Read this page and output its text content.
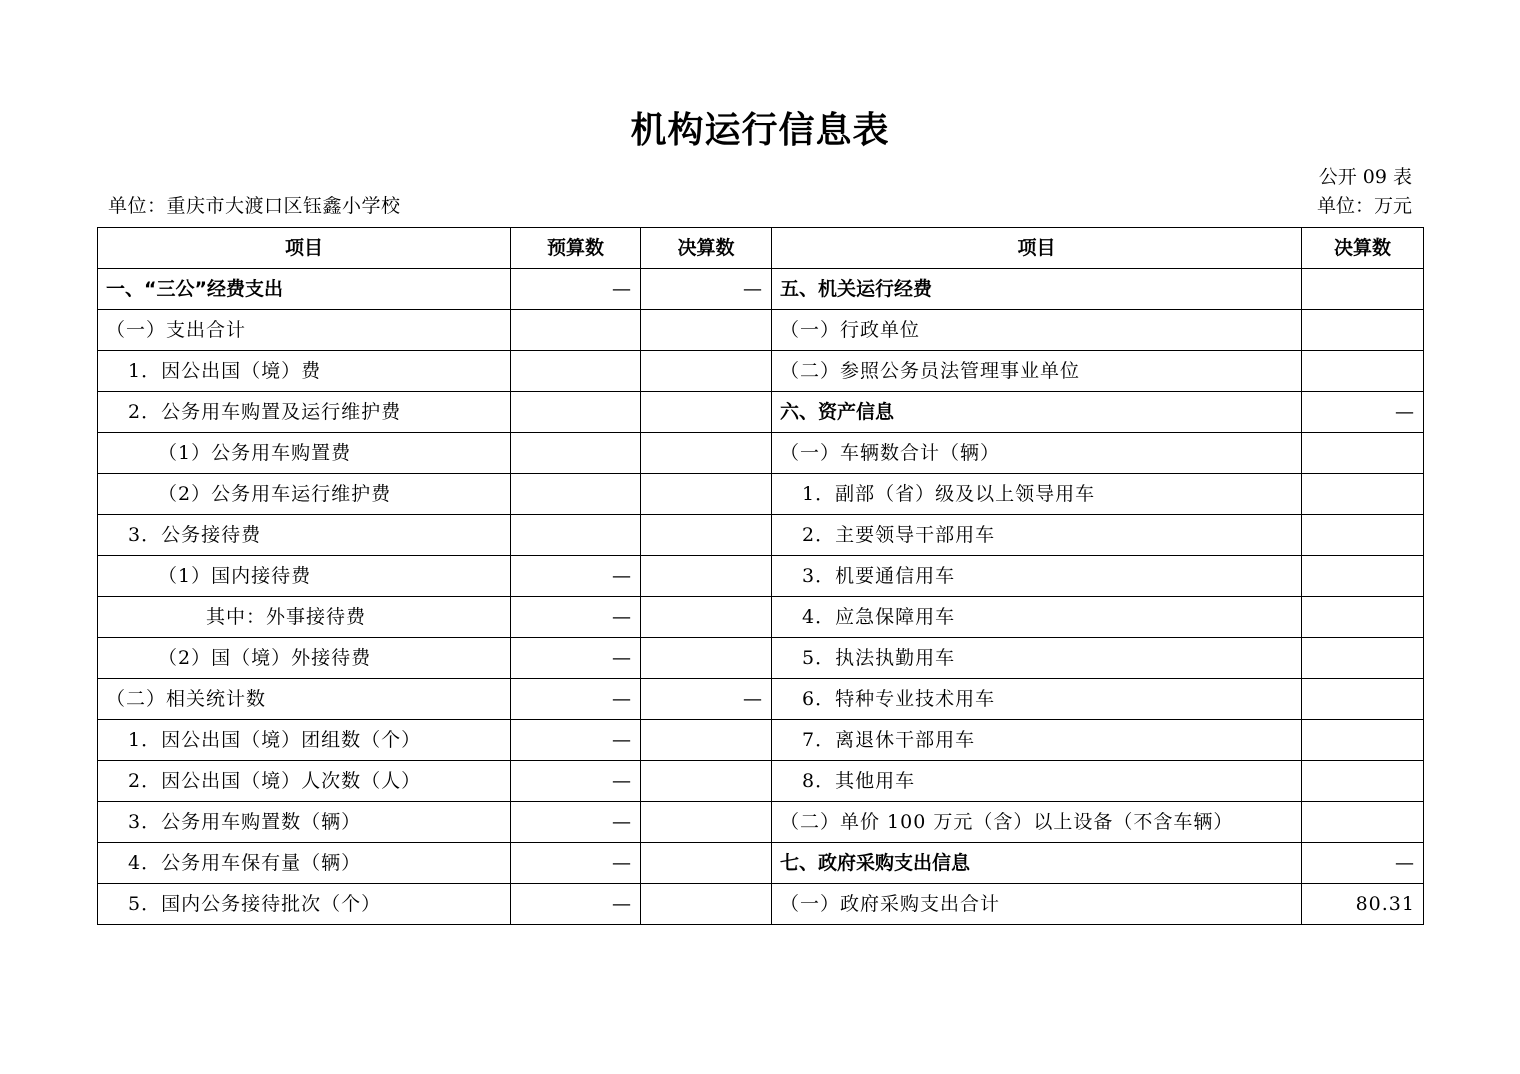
机构运行信息表
公开 09 表
单位：重庆市大渡口区钰鑫小学校	单位：万元
项目	预算数	决算数	项目	决算数
一、“三公”经费支出	—	—	五、机关运行经费	
（一）支出合计			（一）行政单位	
1．因公出国（境）费			（二）参照公务员法管理事业单位	
2．公务用车购置及运行维护费			六、资产信息	—
（1）公务用车购置费			（一）车辆数合计（辆）	
（2）公务用车运行维护费			1．副部（省）级及以上领导用车	
3．公务接待费			2．主要领导干部用车	
（1）国内接待费	—		3．机要通信用车	
其中：外事接待费	—		4．应急保障用车	
（2）国（境）外接待费	—		5．执法执勤用车	
（二）相关统计数	—	—	6．特种专业技术用车	
1．因公出国（境）团组数（个）	—		7．离退休干部用车	
2．因公出国（境）人次数（人）	—		8．其他用车	
3．公务用车购置数（辆）	—		（二）单价 100 万元（含）以上设备（不含车辆）	
4．公务用车保有量（辆）	—		七、政府采购支出信息	—
5．国内公务接待批次（个）	—		（一）政府采购支出合计	80.31
